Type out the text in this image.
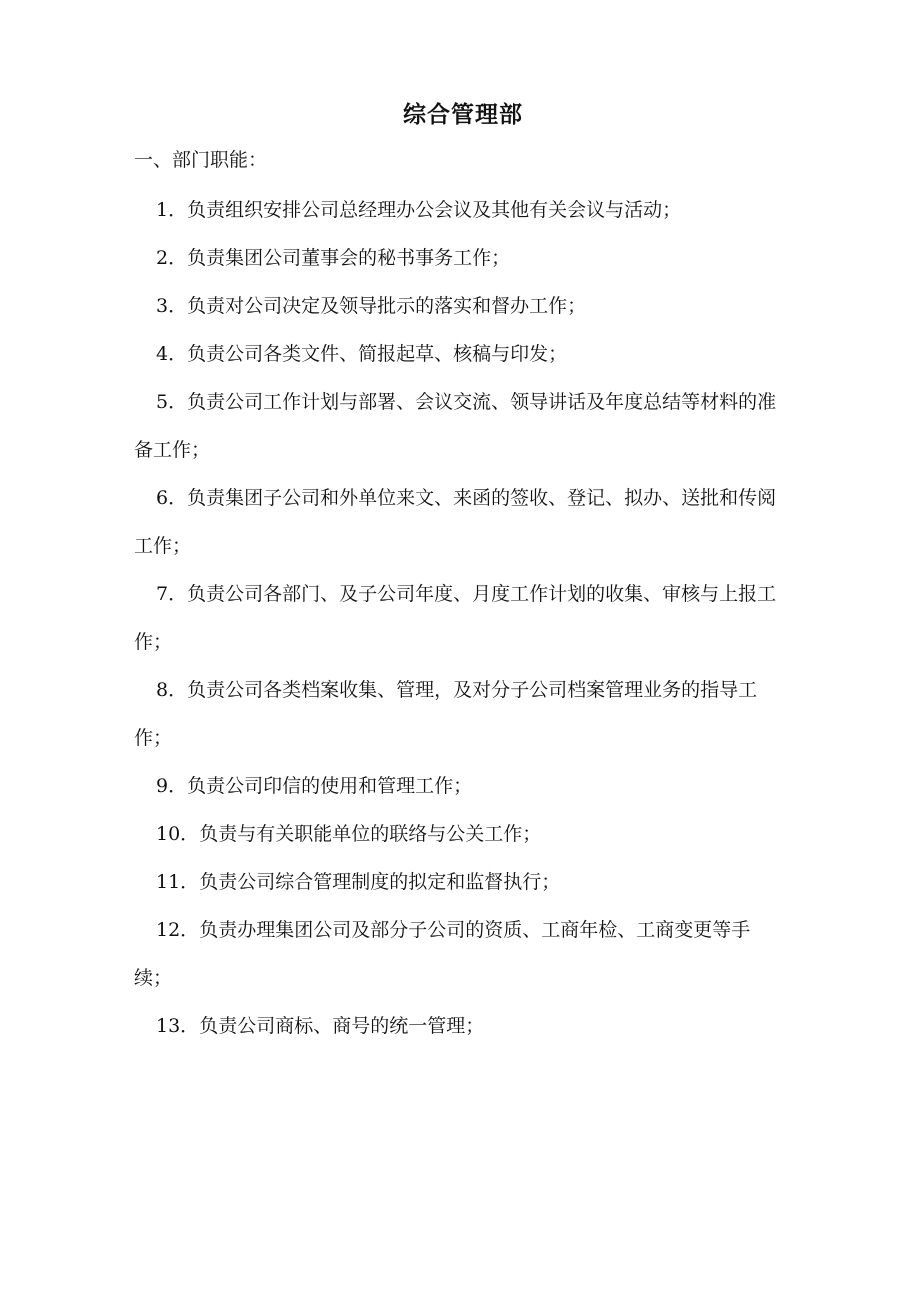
综合管理部
一、部门职能：
1．负责组织安排公司总经理办公会议及其他有关会议与活动；
2．负责集团公司董事会的秘书事务工作；
3．负责对公司决定及领导批示的落实和督办工作；
4．负责公司各类文件、简报起草、核稿与印发；
5．负责公司工作计划与部署、会议交流、领导讲话及年度总结等材料的准备工作；
6．负责集团子公司和外单位来文、来函的签收、登记、拟办、送批和传阅工作；
7．负责公司各部门、及子公司年度、月度工作计划的收集、审核与上报工作；
8．负责公司各类档案收集、管理，及对分子公司档案管理业务的指导工作；
9．负责公司印信的使用和管理工作；
10．负责与有关职能单位的联络与公关工作；
11．负责公司综合管理制度的拟定和监督执行；
12．负责办理集团公司及部分子公司的资质、工商年检、工商变更等手续；
13．负责公司商标、商号的统一管理；
